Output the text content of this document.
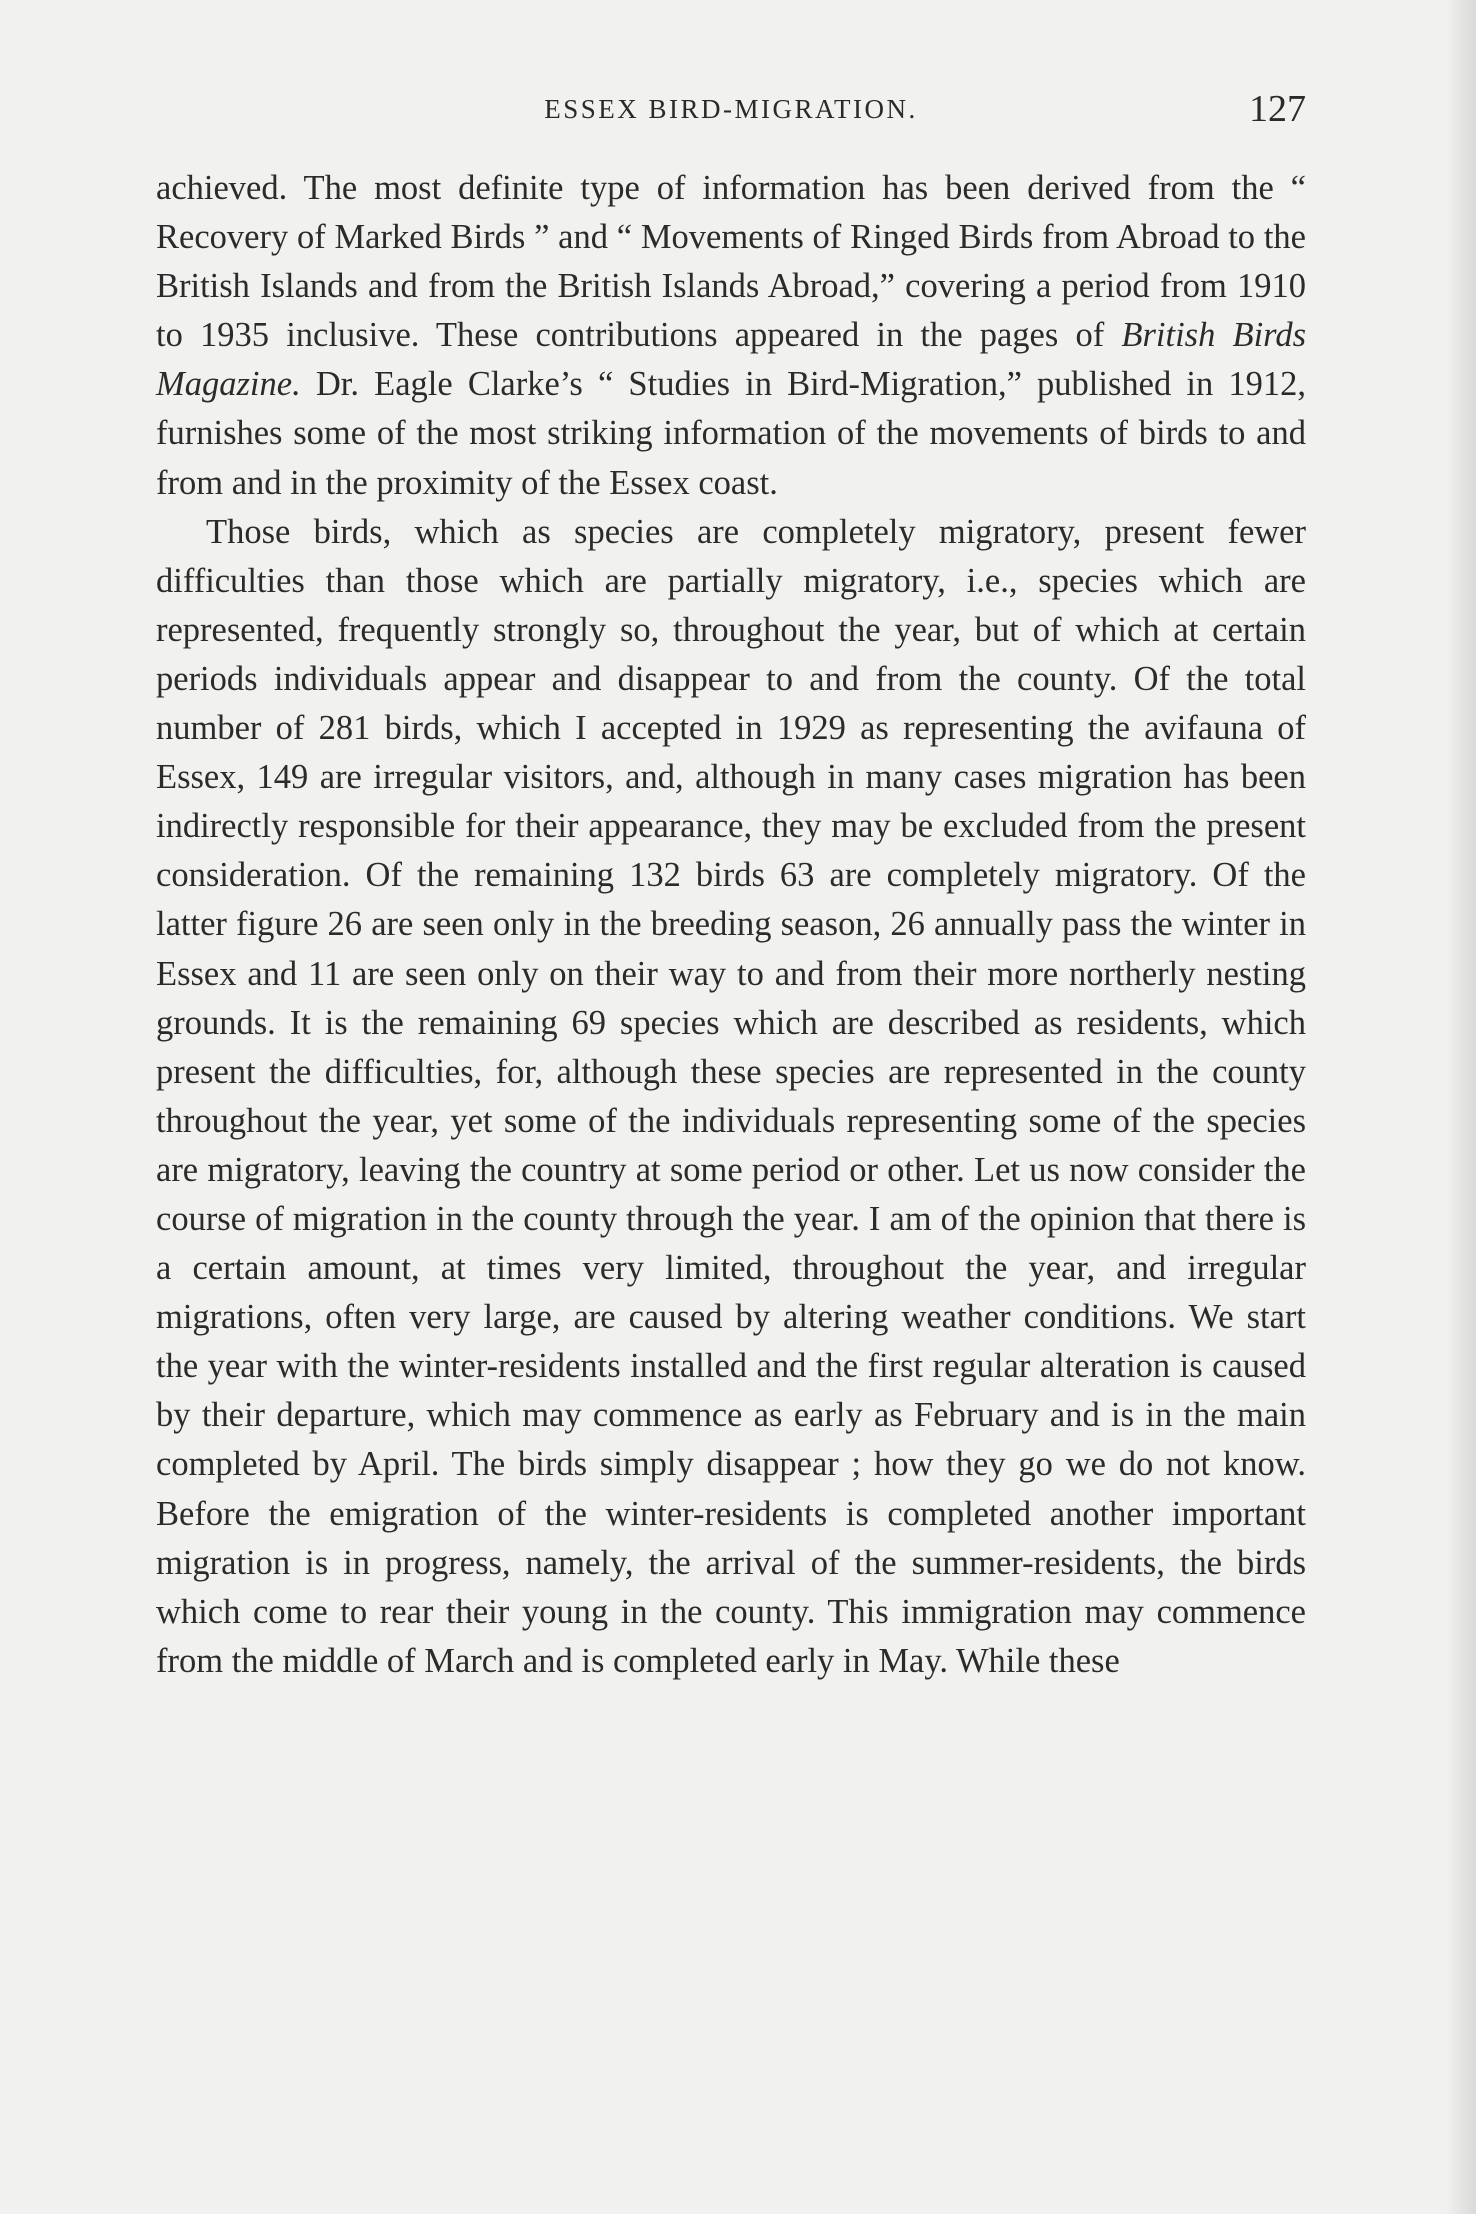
ESSEX BIRD-MIGRATION.	127

achieved. The most definite type of information has been derived from the “ Recovery of Marked Birds ” and “ Movements of Ringed Birds from Abroad to the British Islands and from the British Islands Abroad,” covering a period from 1910 to 1935 inclusive. These contributions appeared in the pages of British Birds Magazine. Dr. Eagle Clarke’s “ Studies in Bird-Migration,” published in 1912, furnishes some of the most striking information of the movements of birds to and from and in the proximity of the Essex coast.

Those birds, which as species are completely migratory, present fewer difficulties than those which are partially migratory, i.e., species which are represented, frequently strongly so, throughout the year, but of which at certain periods individuals appear and disappear to and from the county. Of the total number of 281 birds, which I accepted in 1929 as representing the avifauna of Essex, 149 are irregular visitors, and, although in many cases migration has been indirectly responsible for their appearance, they may be excluded from the present consideration. Of the remaining 132 birds 63 are completely migratory. Of the latter figure 26 are seen only in the breeding season, 26 annually pass the winter in Essex and 11 are seen only on their way to and from their more northerly nesting grounds. It is the remaining 69 species which are described as residents, which present the difficulties, for, although these species are represented in the county throughout the year, yet some of the individuals representing some of the species are migratory, leaving the country at some period or other. Let us now consider the course of migration in the county through the year. I am of the opinion that there is a certain amount, at times very limited, throughout the year, and irregular migrations, often very large, are caused by altering weather conditions. We start the year with the winter-residents installed and the first regular alteration is caused by their departure, which may commence as early as February and is in the main completed by April. The birds simply disappear ; how they go we do not know. Before the emigration of the winter-residents is completed another important migration is in progress, namely, the arrival of the summer-residents, the birds which come to rear their young in the county. This immigration may commence from the middle of March and is completed early in May. While these
